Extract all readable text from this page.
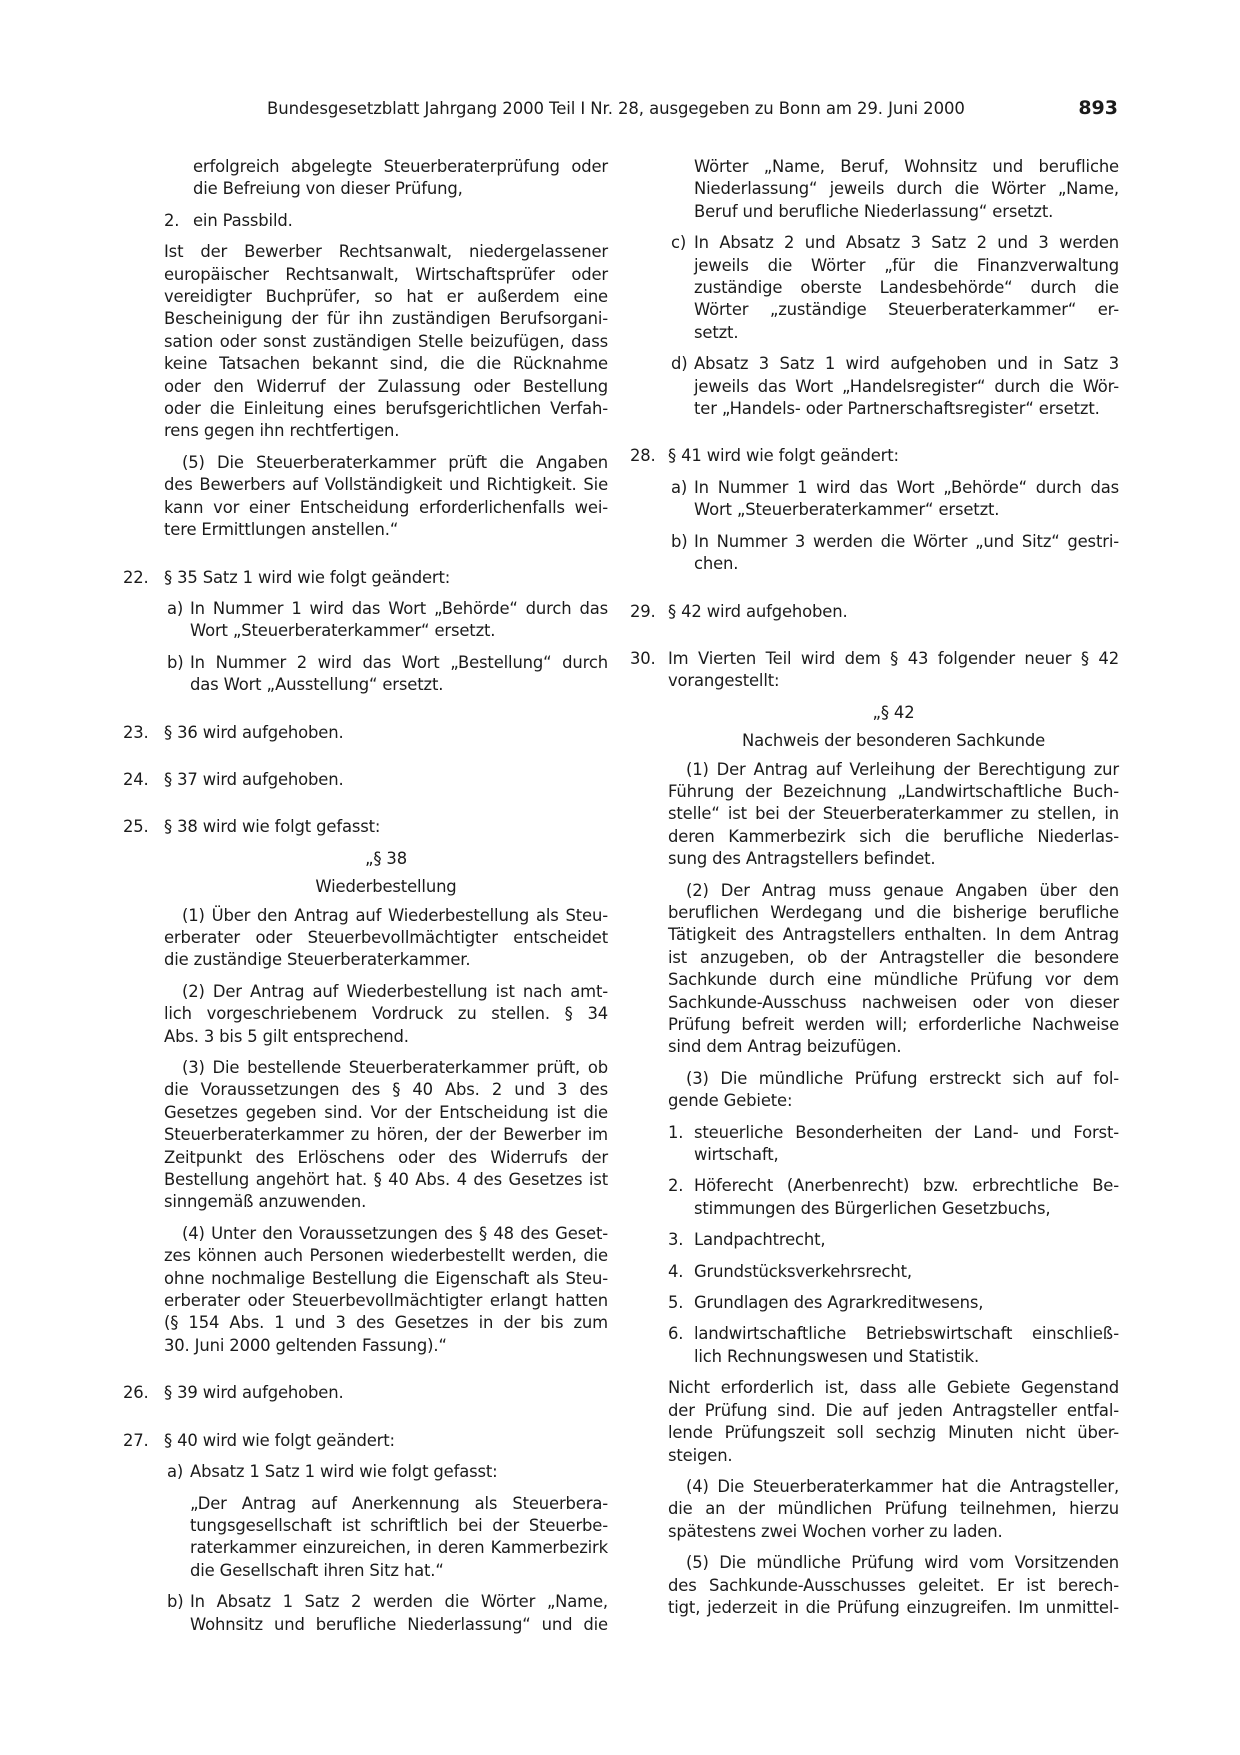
Bundesgesetzblatt Jahrgang 2000 Teil I Nr. 28, ausgegeben zu Bonn am 29. Juni 2000	893
erfolgreich abgelegte Steuerberaterprüfung oder
die Befreiung von dieser Prüfung,
2. ein Passbild.
Ist der Bewerber Rechtsanwalt, niedergelassener
europäischer Rechtsanwalt, Wirtschaftsprüfer oder
vereidigter Buchprüfer, so hat er außerdem eine
Bescheinigung der für ihn zuständigen Berufsorgani-
sation oder sonst zuständigen Stelle beizufügen, dass
keine Tatsachen bekannt sind, die die Rücknahme
oder den Widerruf der Zulassung oder Bestellung
oder die Einleitung eines berufsgerichtlichen Verfah-
rens gegen ihn rechtfertigen.
(5) Die Steuerberaterkammer prüft die Angaben
des Bewerbers auf Vollständigkeit und Richtigkeit. Sie
kann vor einer Entscheidung erforderlichenfalls wei-
tere Ermittlungen anstellen.“
22. § 35 Satz 1 wird wie folgt geändert:
a) In Nummer 1 wird das Wort „Behörde“ durch das
Wort „Steuerberaterkammer“ ersetzt.
b) In Nummer 2 wird das Wort „Bestellung“ durch
das Wort „Ausstellung“ ersetzt.
23. § 36 wird aufgehoben.
24. § 37 wird aufgehoben.
25. § 38 wird wie folgt gefasst:

„§ 38

Wiederbestellung

(1) Über den Antrag auf Wiederbestellung als Steu-
erberater oder Steuerbevollmächtigter entscheidet
die zuständige Steuerberaterkammer.
(2) Der Antrag auf Wiederbestellung ist nach amt-
lich vorgeschriebenem Vordruck zu stellen. § 34
Abs. 3 bis 5 gilt entsprechend.
(3) Die bestellende Steuerberaterkammer prüft, ob
die Voraussetzungen des § 40 Abs. 2 und 3 des
Gesetzes gegeben sind. Vor der Entscheidung ist die
Steuerberaterkammer zu hören, der der Bewerber im
Zeitpunkt des Erlöschens oder des Widerrufs der
Bestellung angehört hat. § 40 Abs. 4 des Gesetzes ist
sinngemäß anzuwenden.
(4) Unter den Voraussetzungen des § 48 des Geset-
zes können auch Personen wiederbestellt werden, die
ohne nochmalige Bestellung die Eigenschaft als Steu-
erberater oder Steuerbevollmächtigter erlangt hatten
(§ 154 Abs. 1 und 3 des Gesetzes in der bis zum
30. Juni 2000 geltenden Fassung).“
26. § 39 wird aufgehoben.
27. § 40 wird wie folgt geändert:
a) Absatz 1 Satz 1 wird wie folgt gefasst:
„Der Antrag auf Anerkennung als Steuerbera-
tungsgesellschaft ist schriftlich bei der Steuerbe-
raterkammer einzureichen, in deren Kammerbezirk
die Gesellschaft ihren Sitz hat.“
b) In Absatz 1 Satz 2 werden die Wörter „Name,
Wohnsitz und berufliche Niederlassung“ und die
Wörter „Name, Beruf, Wohnsitz und berufliche
Niederlassung“ jeweils durch die Wörter „Name,
Beruf und berufliche Niederlassung“ ersetzt.
c) In Absatz 2 und Absatz 3 Satz 2 und 3 werden
jeweils die Wörter „für die Finanzverwaltung
zuständige oberste Landesbehörde“ durch die
Wörter „zuständige Steuerberaterkammer“ er-
setzt.
d) Absatz 3 Satz 1 wird aufgehoben und in Satz 3
jeweils das Wort „Handelsregister“ durch die Wör-
ter „Handels- oder Partnerschaftsregister“ ersetzt.
28. § 41 wird wie folgt geändert:
a) In Nummer 1 wird das Wort „Behörde“ durch das
Wort „Steuerberaterkammer“ ersetzt.
b) In Nummer 3 werden die Wörter „und Sitz“ gestri-
chen.
29. § 42 wird aufgehoben.
30. Im Vierten Teil wird dem § 43 folgender neuer § 42
vorangestellt:

„§ 42

Nachweis der besonderen Sachkunde

(1) Der Antrag auf Verleihung der Berechtigung zur
Führung der Bezeichnung „Landwirtschaftliche Buch-
stelle“ ist bei der Steuerberaterkammer zu stellen, in
deren Kammerbezirk sich die berufliche Niederlas-
sung des Antragstellers befindet.
(2) Der Antrag muss genaue Angaben über den
beruflichen Werdegang und die bisherige berufliche
Tätigkeit des Antragstellers enthalten. In dem Antrag
ist anzugeben, ob der Antragsteller die besondere
Sachkunde durch eine mündliche Prüfung vor dem
Sachkunde-Ausschuss nachweisen oder von dieser
Prüfung befreit werden will; erforderliche Nachweise
sind dem Antrag beizufügen.
(3) Die mündliche Prüfung erstreckt sich auf fol-
gende Gebiete:
1. steuerliche Besonderheiten der Land- und Forst-
wirtschaft,
2. Höferecht (Anerbenrecht) bzw. erbrechtliche Be-
stimmungen des Bürgerlichen Gesetzbuchs,
3. Landpachtrecht,
4. Grundstücksverkehrsrecht,
5. Grundlagen des Agrarkreditwesens,
6. landwirtschaftliche Betriebswirtschaft einschließ-
lich Rechnungswesen und Statistik.
Nicht erforderlich ist, dass alle Gebiete Gegenstand
der Prüfung sind. Die auf jeden Antragsteller entfal-
lende Prüfungszeit soll sechzig Minuten nicht über-
steigen.
(4) Die Steuerberaterkammer hat die Antragsteller,
die an der mündlichen Prüfung teilnehmen, hierzu
spätestens zwei Wochen vorher zu laden.
(5) Die mündliche Prüfung wird vom Vorsitzenden
des Sachkunde-Ausschusses geleitet. Er ist berech-
tigt, jederzeit in die Prüfung einzugreifen. Im unmittel-
